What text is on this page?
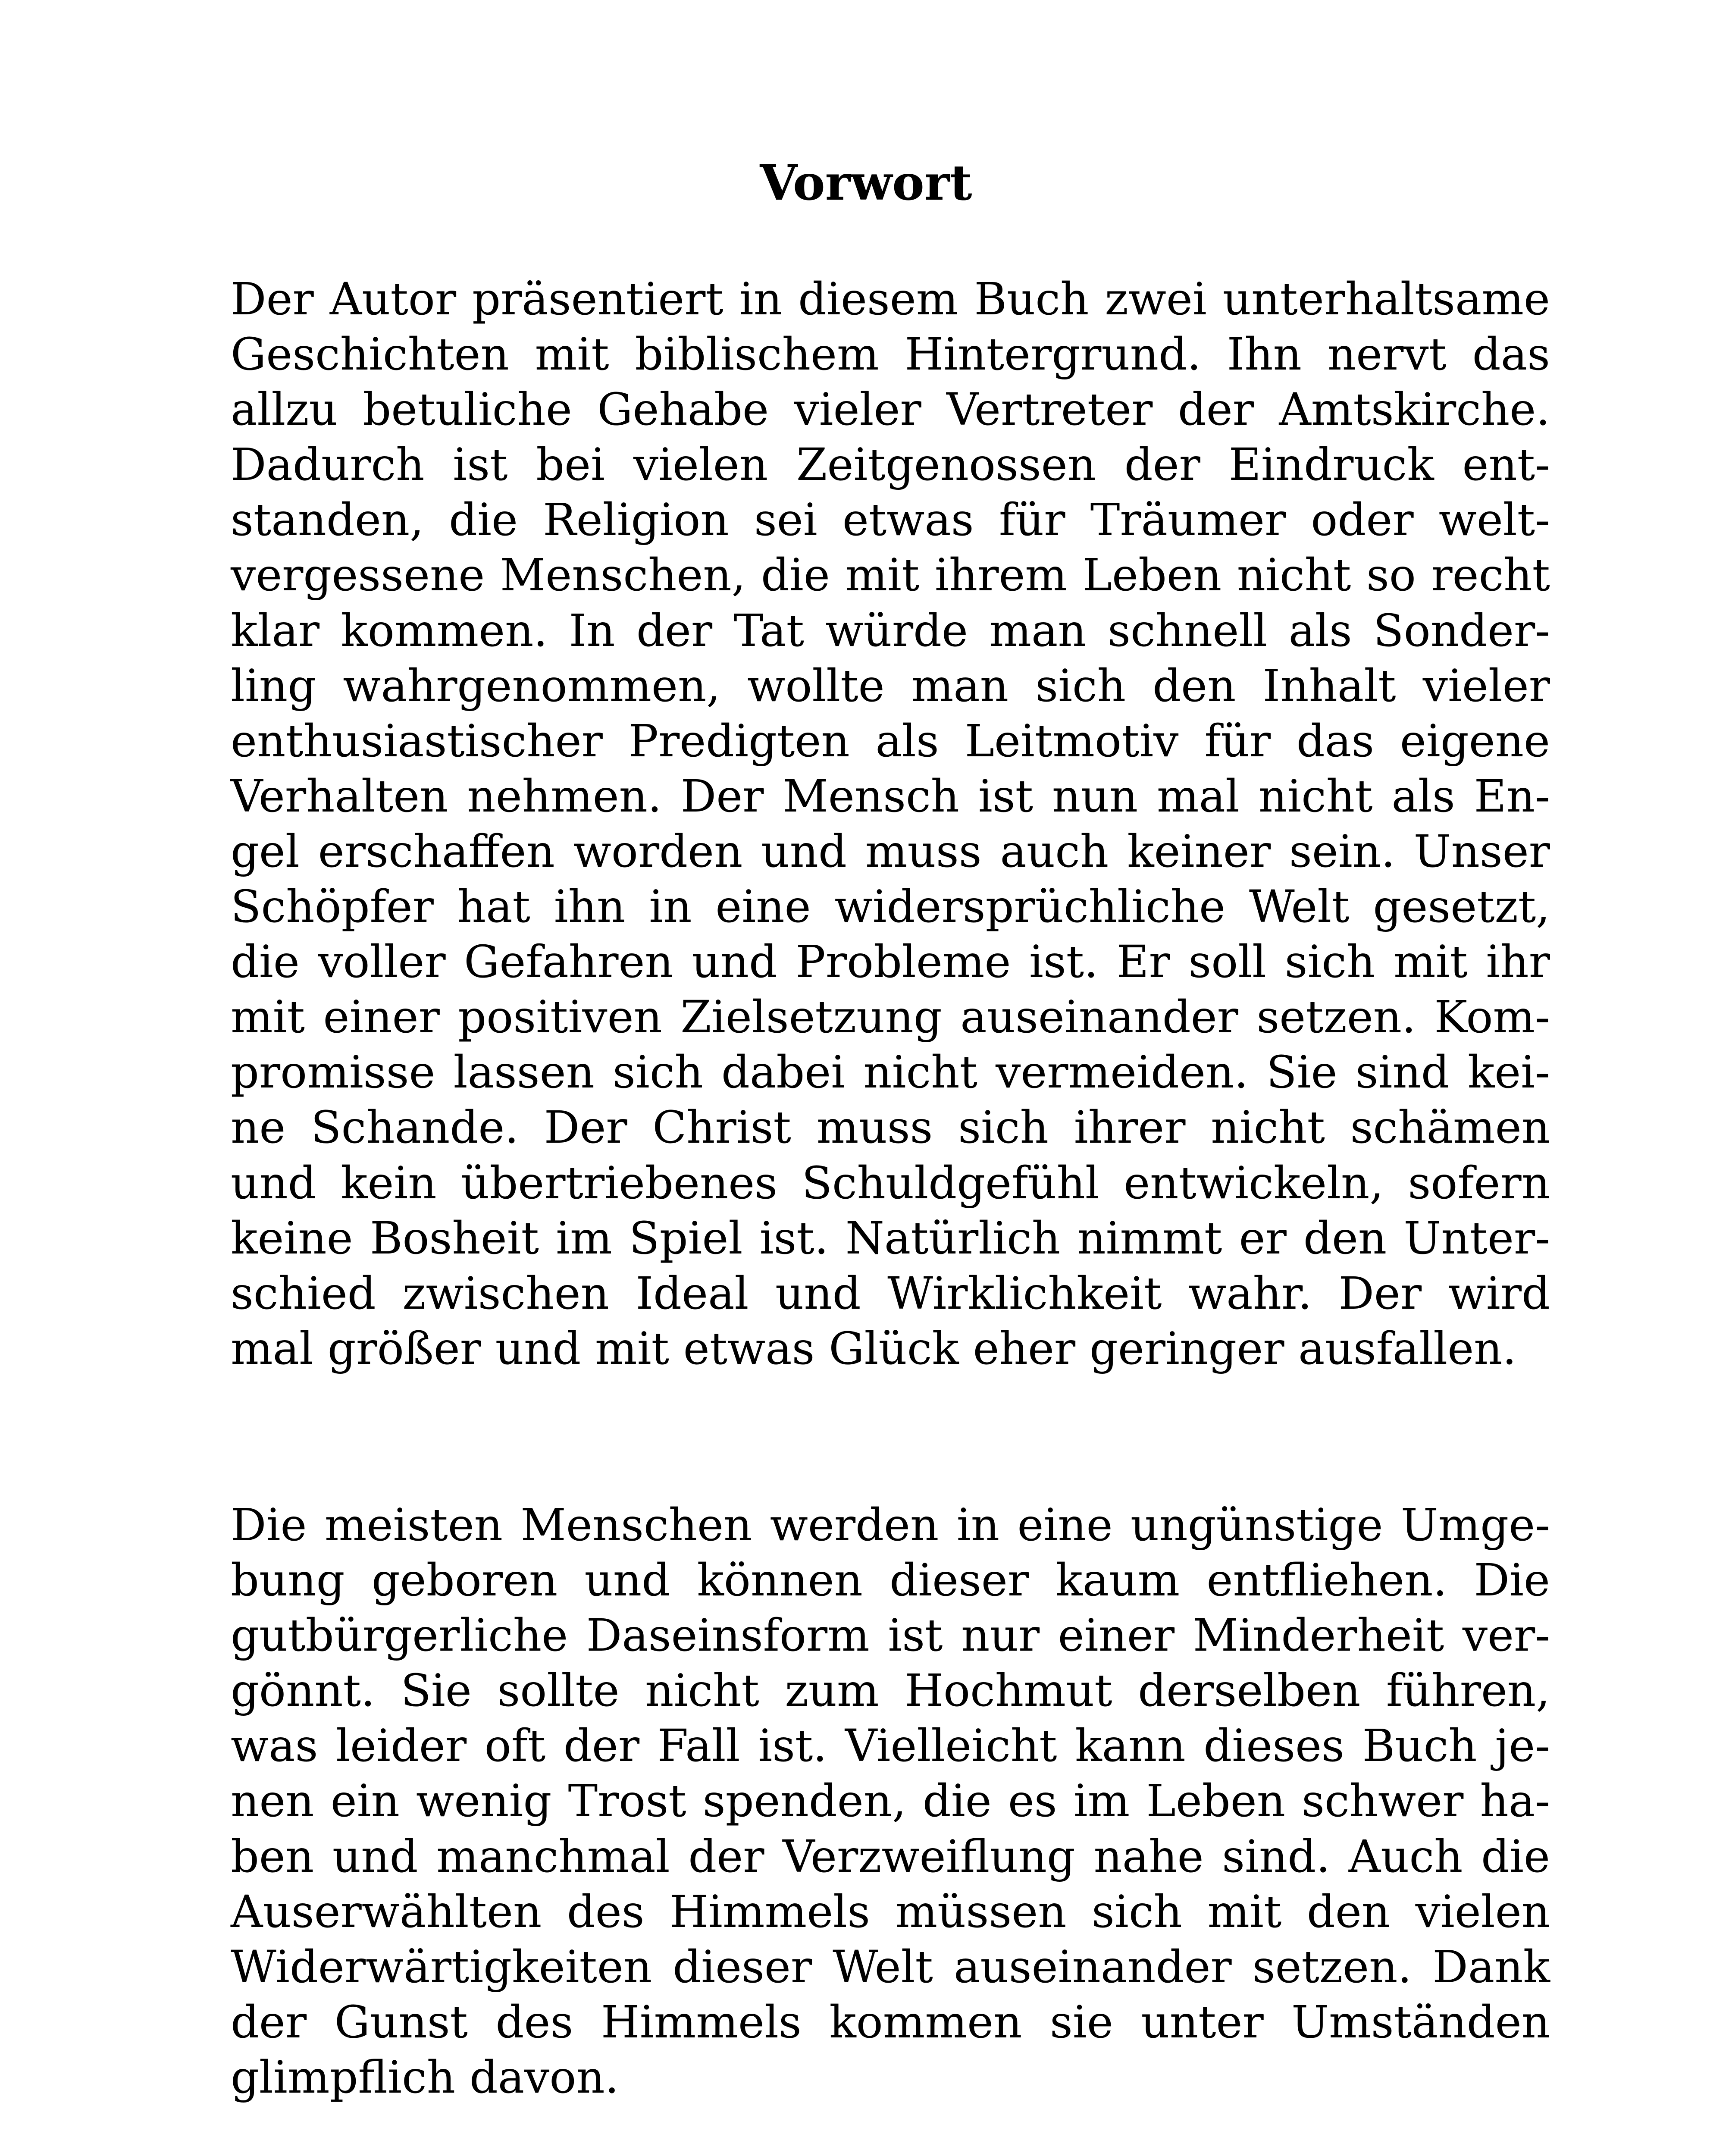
Vorwort
Der Autor präsentiert in diesem Buch zwei unterhaltsame
Geschichten mit biblischem Hintergrund. Ihn nervt das
allzu betuliche Gehabe vieler Vertreter der Amtskirche.
Dadurch ist bei vielen Zeitgenossen der Eindruck ent-
standen, die Religion sei etwas für Träumer oder welt-
vergessene Menschen, die mit ihrem Leben nicht so recht
klar kommen. In der Tat würde man schnell als Sonder-
ling wahrgenommen, wollte man sich den Inhalt vieler
enthusiastischer Predigten als Leitmotiv für das eigene
Verhalten nehmen. Der Mensch ist nun mal nicht als En-
gel erschaffen worden und muss auch keiner sein. Unser
Schöpfer hat ihn in eine widersprüchliche Welt gesetzt,
die voller Gefahren und Probleme ist. Er soll sich mit ihr
mit einer positiven Zielsetzung auseinander setzen. Kom-
promisse lassen sich dabei nicht vermeiden. Sie sind kei-
ne Schande. Der Christ muss sich ihrer nicht schämen
und kein übertriebenes Schuldgefühl entwickeln, sofern
keine Bosheit im Spiel ist. Natürlich nimmt er den Unter-
schied zwischen Ideal und Wirklichkeit wahr. Der wird
mal größer und mit etwas Glück eher geringer ausfallen.
Die meisten Menschen werden in eine ungünstige Umge-
bung geboren und können dieser kaum entfliehen. Die
gutbürgerliche Daseinsform ist nur einer Minderheit ver-
gönnt. Sie sollte nicht zum Hochmut derselben führen,
was leider oft der Fall ist. Vielleicht kann dieses Buch je-
nen ein wenig Trost spenden, die es im Leben schwer ha-
ben und manchmal der Verzweiflung nahe sind. Auch die
Auserwählten des Himmels müssen sich mit den vielen
Widerwärtigkeiten dieser Welt auseinander setzen. Dank
der Gunst des Himmels kommen sie unter Umständen
glimpflich davon.
